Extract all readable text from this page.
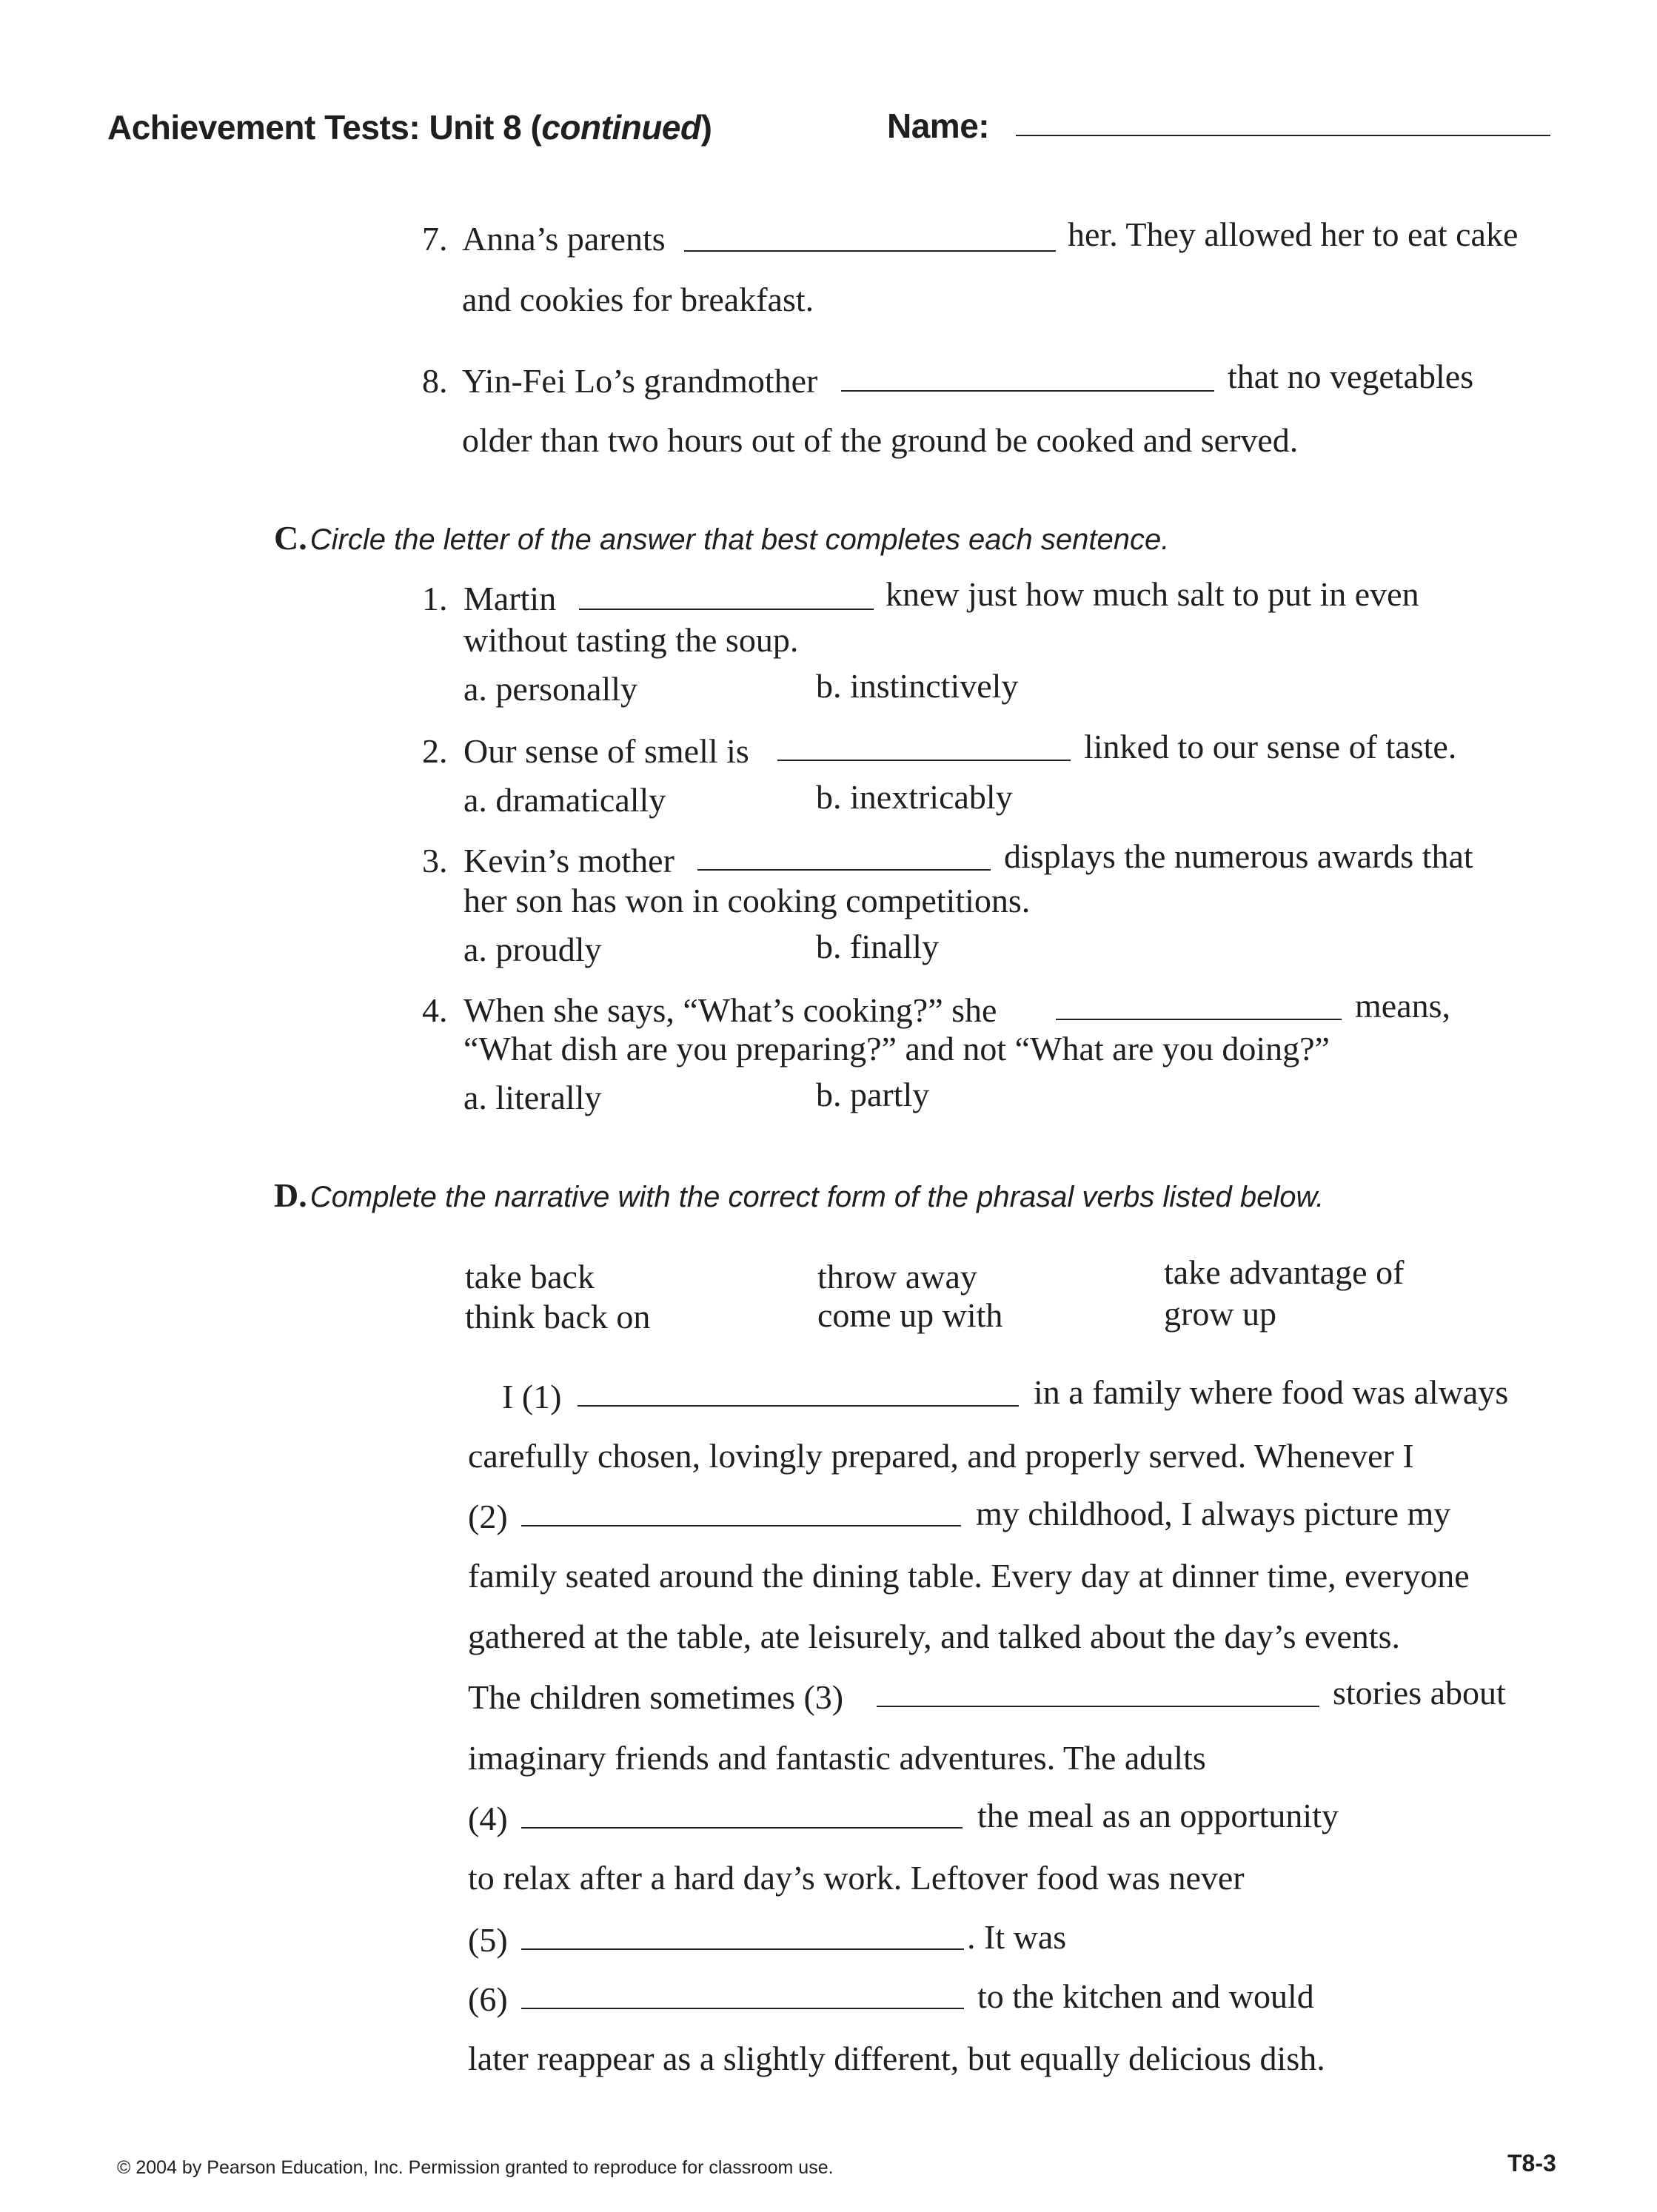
Achievement Tests: Unit 8 (continued)	Name:
7. Anna’s parents	her. They allowed her to eat cake
and cookies for breakfast.
8. Yin-Fei Lo’s grandmother	that no vegetables
older than two hours out of the ground be cooked and served.
C. Circle the letter of the answer that best completes each sentence.
1. Martin	knew just how much salt to put in even
without tasting the soup.
a. personally	b. instinctively
2. Our sense of smell is	linked to our sense of taste.
a. dramatically	b. inextricably
3. Kevin’s mother	displays the numerous awards that
her son has won in cooking competitions.
a. proudly	b. finally
4. When she says, “What’s cooking?” she	means,
“What dish are you preparing?” and not “What are you doing?”
a. literally	b. partly
D. Complete the narrative with the correct form of the phrasal verbs listed below.
take back	throw away	take advantage of
think back on	come up with	grow up
I (1)	in a family where food was always
carefully chosen, lovingly prepared, and properly served. Whenever I
(2)	my childhood, I always picture my
family seated around the dining table. Every day at dinner time, everyone
gathered at the table, ate leisurely, and talked about the day’s events.
The children sometimes (3)	stories about
imaginary friends and fantastic adventures. The adults
(4)	the meal as an opportunity
to relax after a hard day’s work. Leftover food was never
(5)	. It was
(6)	to the kitchen and would
later reappear as a slightly different, but equally delicious dish.
© 2004 by Pearson Education, Inc. Permission granted to reproduce for classroom use.	T8-3
